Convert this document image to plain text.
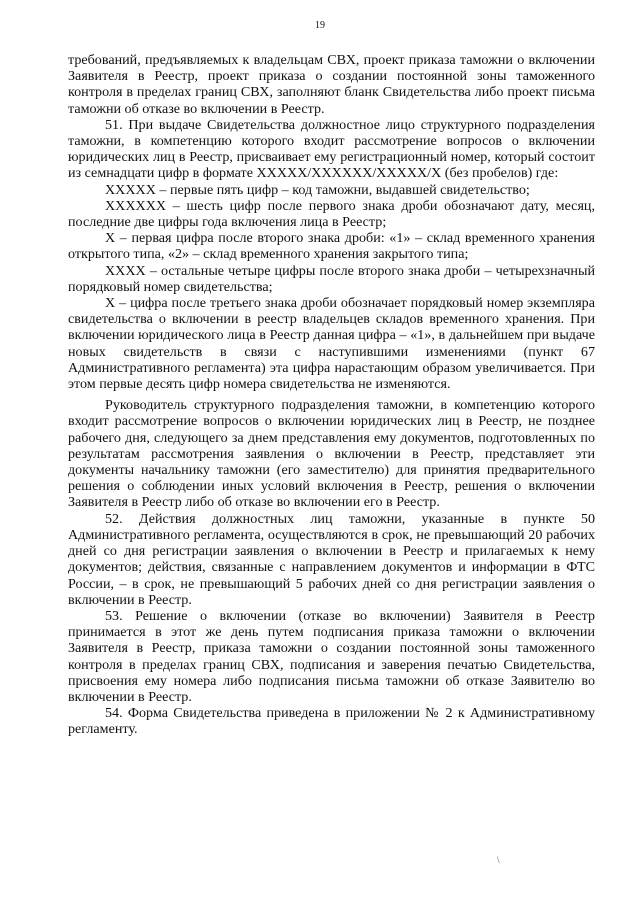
19

требований, предъявляемых к владельцам СВХ, проект приказа таможни о включении Заявителя в Реестр, проект приказа о создании постоянной зоны таможенного контроля в пределах границ СВХ, заполняют бланк Свидетельства либо проект письма таможни об отказе во включении в Реестр.

51. При выдаче Свидетельства должностное лицо структурного подразделения таможни, в компетенцию которого входит рассмотрение вопросов о включении юридических лиц в Реестр, присваивает ему регистрационный номер, который состоит из семнадцати цифр в формате ХХХХХ/ХХХХХХ/ХХХХХ/Х (без пробелов) где:

ХХХХХ – первые пять цифр – код таможни, выдавшей свидетельство;

ХХХХХХ – шесть цифр после первого знака дроби обозначают дату, месяц, последние две цифры года включения лица в Реестр;

Х – первая цифра после второго знака дроби: «1» – склад временного хранения открытого типа, «2» – склад временного хранения закрытого типа;

ХХХХ – остальные четыре цифры после второго знака дроби – четырехзначный порядковый номер свидетельства;

Х – цифра после третьего знака дроби обозначает порядковый номер экземпляра свидетельства о включении в реестр владельцев складов временного хранения. При включении юридического лица в Реестр данная цифра – «1», в дальнейшем при выдаче новых свидетельств в связи с наступившими изменениями (пункт 67 Административного регламента) эта цифра нарастающим образом увеличивается. При этом первые десять цифр номера свидетельства не изменяются.

Руководитель структурного подразделения таможни, в компетенцию которого входит рассмотрение вопросов о включении юридических лиц в Реестр, не позднее рабочего дня, следующего за днем представления ему документов, подготовленных по результатам рассмотрения заявления о включении в Реестр, представляет эти документы начальнику таможни (его заместителю) для принятия предварительного решения о соблюдении иных условий включения в Реестр, решения о включении Заявителя в Реестр либо об отказе во включении его в Реестр.

52. Действия должностных лиц таможни, указанные в пункте 50 Административного регламента, осуществляются в срок, не превышающий 20 рабочих дней со дня регистрации заявления о включении в Реестр и прилагаемых к нему документов; действия, связанные с направлением документов и информации в ФТС России, – в срок, не превышающий 5 рабочих дней со дня регистрации заявления о включении в Реестр.

53. Решение о включении (отказе во включении) Заявителя в Реестр принимается в этот же день путем подписания приказа таможни о включении Заявителя в Реестр, приказа таможни о создании постоянной зоны таможенного контроля в пределах границ СВХ, подписания и заверения печатью Свидетельства, присвоения ему номера либо подписания письма таможни об отказе Заявителю во включении в Реестр.

54. Форма Свидетельства приведена в приложении № 2 к Административному регламенту.

\
